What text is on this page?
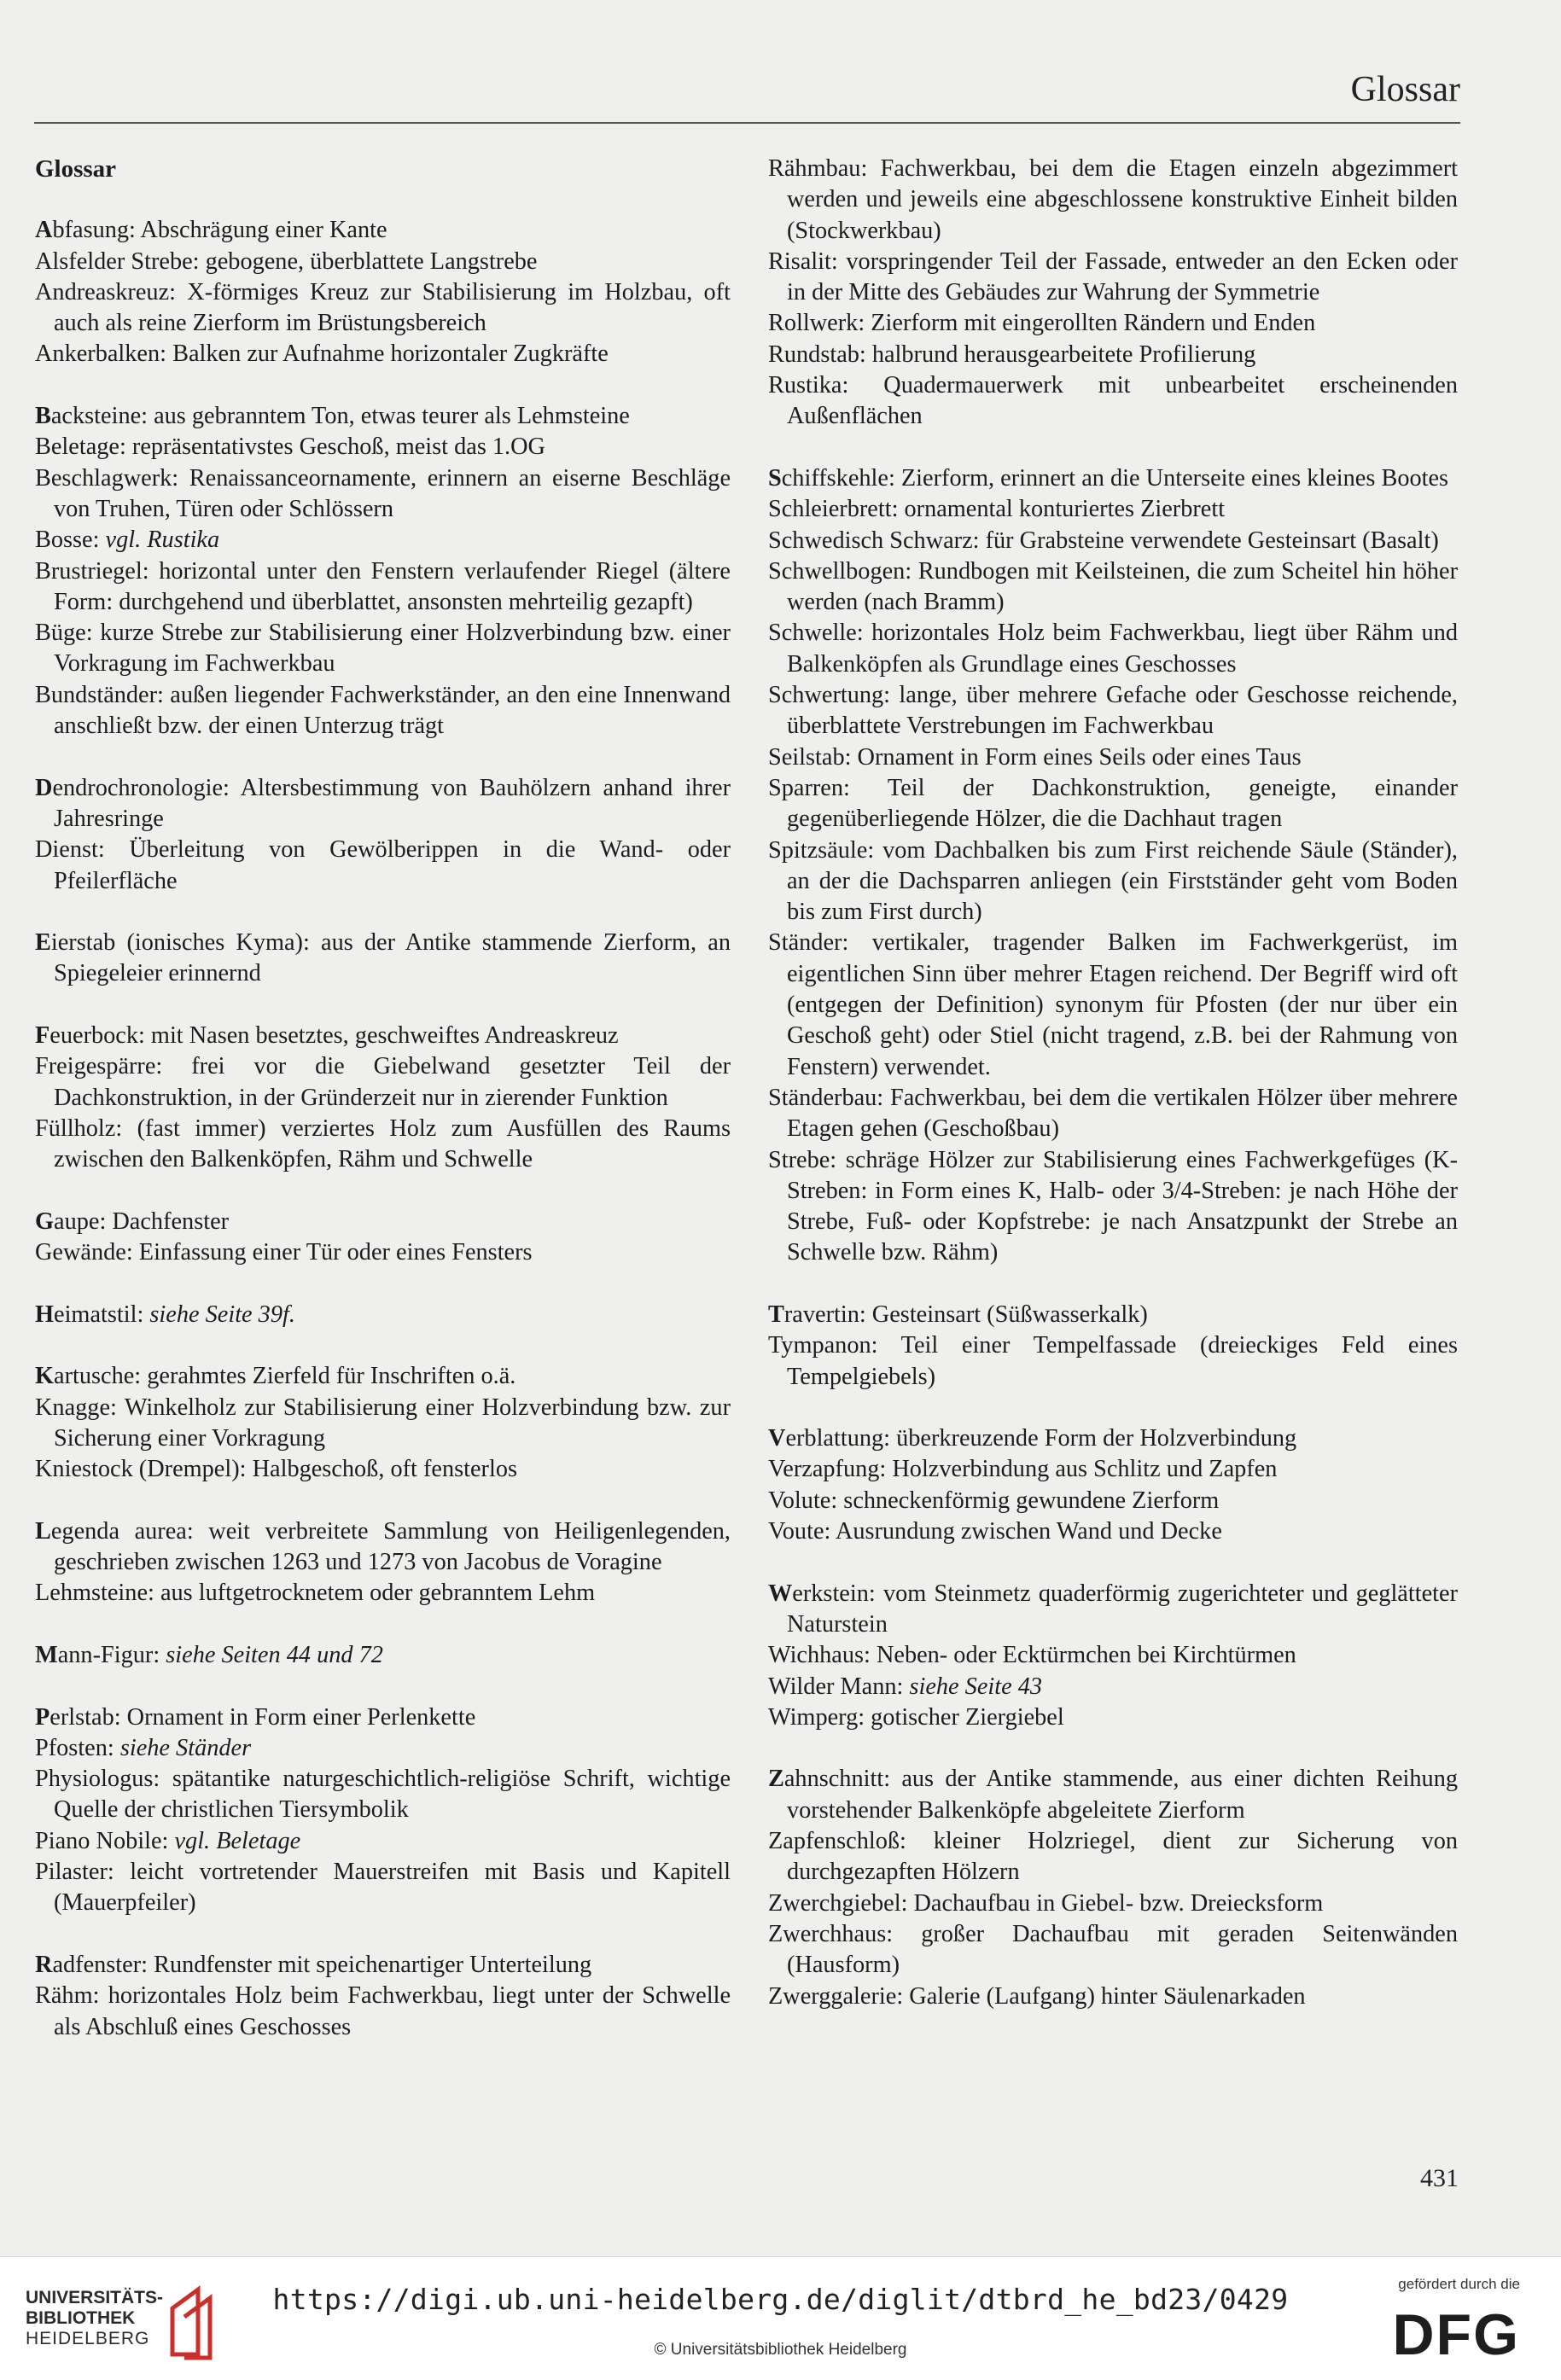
Glossar
Glossar

Abfasung: Abschrägung einer Kante

Alsfelder Strebe: gebogene, überblattete Langstrebe

Andreaskreuz: X-förmiges Kreuz zur Stabilisierung im Holzbau, oft auch als reine Zierform im Brüstungsbereich

Ankerbalken: Balken zur Aufnahme horizontaler Zugkräfte

Backsteine: aus gebranntem Ton, etwas teurer als Lehmsteine

Beletage: repräsentativstes Geschoß, meist das 1.OG

Beschlagwerk: Renaissanceornamente, erinnern an eiserne Beschläge von Truhen, Türen oder Schlössern

Bosse: vgl. Rustika

Brustriegel: horizontal unter den Fenstern verlaufender Riegel (ältere Form: durchgehend und überblattet, ansonsten mehrteilig gezapft)

Büge: kurze Strebe zur Stabilisierung einer Holzverbindung bzw. einer Vorkragung im Fachwerkbau

Bundständer: außen liegender Fachwerkständer, an den eine Innenwand anschließt bzw. der einen Unterzug trägt

Dendrochronologie: Altersbestimmung von Bauhölzern anhand ihrer Jahresringe

Dienst: Überleitung von Gewölberippen in die Wand- oder Pfeilerfläche

Eierstab (ionisches Kyma): aus der Antike stammende Zierform, an Spiegeleier erinnernd

Feuerbock: mit Nasen besetztes, geschweiftes Andreaskreuz

Freigespärre: frei vor die Giebelwand gesetzter Teil der Dachkonstruktion, in der Gründerzeit nur in zierender Funktion

Füllholz: (fast immer) verziertes Holz zum Ausfüllen des Raums zwischen den Balkenköpfen, Rähm und Schwelle

Gaupe: Dachfenster

Gewände: Einfassung einer Tür oder eines Fensters

Heimatstil: siehe Seite 39f.

Kartusche: gerahmtes Zierfeld für Inschriften o.ä.

Knagge: Winkelholz zur Stabilisierung einer Holzverbindung bzw. zur Sicherung einer Vorkragung

Kniestock (Drempel): Halbgeschoß, oft fensterlos

Legenda aurea: weit verbreitete Sammlung von Heiligenlegenden, geschrieben zwischen 1263 und 1273 von Jacobus de Voragine

Lehmsteine: aus luftgetrocknetem oder gebranntem Lehm

Mann-Figur: siehe Seiten 44 und 72

Perlstab: Ornament in Form einer Perlenkette

Pfosten: siehe Ständer

Physiologus: spätantike naturgeschichtlich-religiöse Schrift, wichtige Quelle der christlichen Tiersymbolik

Piano Nobile: vgl. Beletage

Pilaster: leicht vortretender Mauerstreifen mit Basis und Kapitell (Mauerpfeiler)

Radfenster: Rundfenster mit speichenartiger Unterteilung

Rähm: horizontales Holz beim Fachwerkbau, liegt unter der Schwelle als Abschluß eines Geschosses

Rähmbau: Fachwerkbau, bei dem die Etagen einzeln abgezimmert werden und jeweils eine abgeschlossene konstruktive Einheit bilden (Stockwerkbau)

Risalit: vorspringender Teil der Fassade, entweder an den Ecken oder in der Mitte des Gebäudes zur Wahrung der Symmetrie

Rollwerk: Zierform mit eingerollten Rändern und Enden

Rundstab: halbrund herausgearbeitete Profilierung

Rustika: Quadermauerwerk mit unbearbeitet erscheinenden Außenflächen

Schiffskehle: Zierform, erinnert an die Unterseite eines kleines Bootes

Schleierbrett: ornamental konturiertes Zierbrett

Schwedisch Schwarz: für Grabsteine verwendete Gesteinsart (Basalt)

Schwellbogen: Rundbogen mit Keilsteinen, die zum Scheitel hin höher werden (nach Bramm)

Schwelle: horizontales Holz beim Fachwerkbau, liegt über Rähm und Balkenköpfen als Grundlage eines Geschosses

Schwertung: lange, über mehrere Gefache oder Geschosse reichende, überblattete Verstrebungen im Fachwerkbau

Seilstab: Ornament in Form eines Seils oder eines Taus

Sparren: Teil der Dachkonstruktion, geneigte, einander gegenüberliegende Hölzer, die die Dachhaut tragen

Spitzsäule: vom Dachbalken bis zum First reichende Säule (Ständer), an der die Dachsparren anliegen (ein Firstständer geht vom Boden bis zum First durch)

Ständer: vertikaler, tragender Balken im Fachwerkgerüst, im eigentlichen Sinn über mehrer Etagen reichend. Der Begriff wird oft (entgegen der Definition) synonym für Pfosten (der nur über ein Geschoß geht) oder Stiel (nicht tragend, z.B. bei der Rahmung von Fenstern) verwendet.

Ständerbau: Fachwerkbau, bei dem die vertikalen Hölzer über mehrere Etagen gehen (Geschoßbau)

Strebe: schräge Hölzer zur Stabilisierung eines Fachwerkgefüges (K-Streben: in Form eines K, Halb- oder 3/4-Streben: je nach Höhe der Strebe, Fuß- oder Kopfstrebe: je nach Ansatzpunkt der Strebe an Schwelle bzw. Rähm)

Travertin: Gesteinsart (Süßwasserkalk)

Tympanon: Teil einer Tempelfassade (dreieckiges Feld eines Tempelgiebels)

Verblattung: überkreuzende Form der Holzverbindung

Verzapfung: Holzverbindung aus Schlitz und Zapfen

Volute: schneckenförmig gewundene Zierform

Voute: Ausrundung zwischen Wand und Decke

Werkstein: vom Steinmetz quaderförmig zugerichteter und geglätteter Naturstein

Wichhaus: Neben- oder Ecktürmchen bei Kirchtürmen

Wilder Mann: siehe Seite 43

Wimperg: gotischer Ziergiebel

Zahnschnitt: aus der Antike stammende, aus einer dichten Reihung vorstehender Balkenköpfe abgeleitete Zierform

Zapfenschloß: kleiner Holzriegel, dient zur Sicherung von durchgezapften Hölzern

Zwerchgiebel: Dachaufbau in Giebel- bzw. Dreiecksform

Zwerchhaus: großer Dachaufbau mit geraden Seitenwänden (Hausform)

Zwerggalerie: Galerie (Laufgang) hinter Säulenarkaden

431
UNIVERSITÄTS-
BIBLIOTHEK
HEIDELBERG
https://digi.ub.uni-heidelberg.de/diglit/dtbrd_he_bd23/0429
© Universitätsbibliothek Heidelberg
gefördert durch die
DFG
